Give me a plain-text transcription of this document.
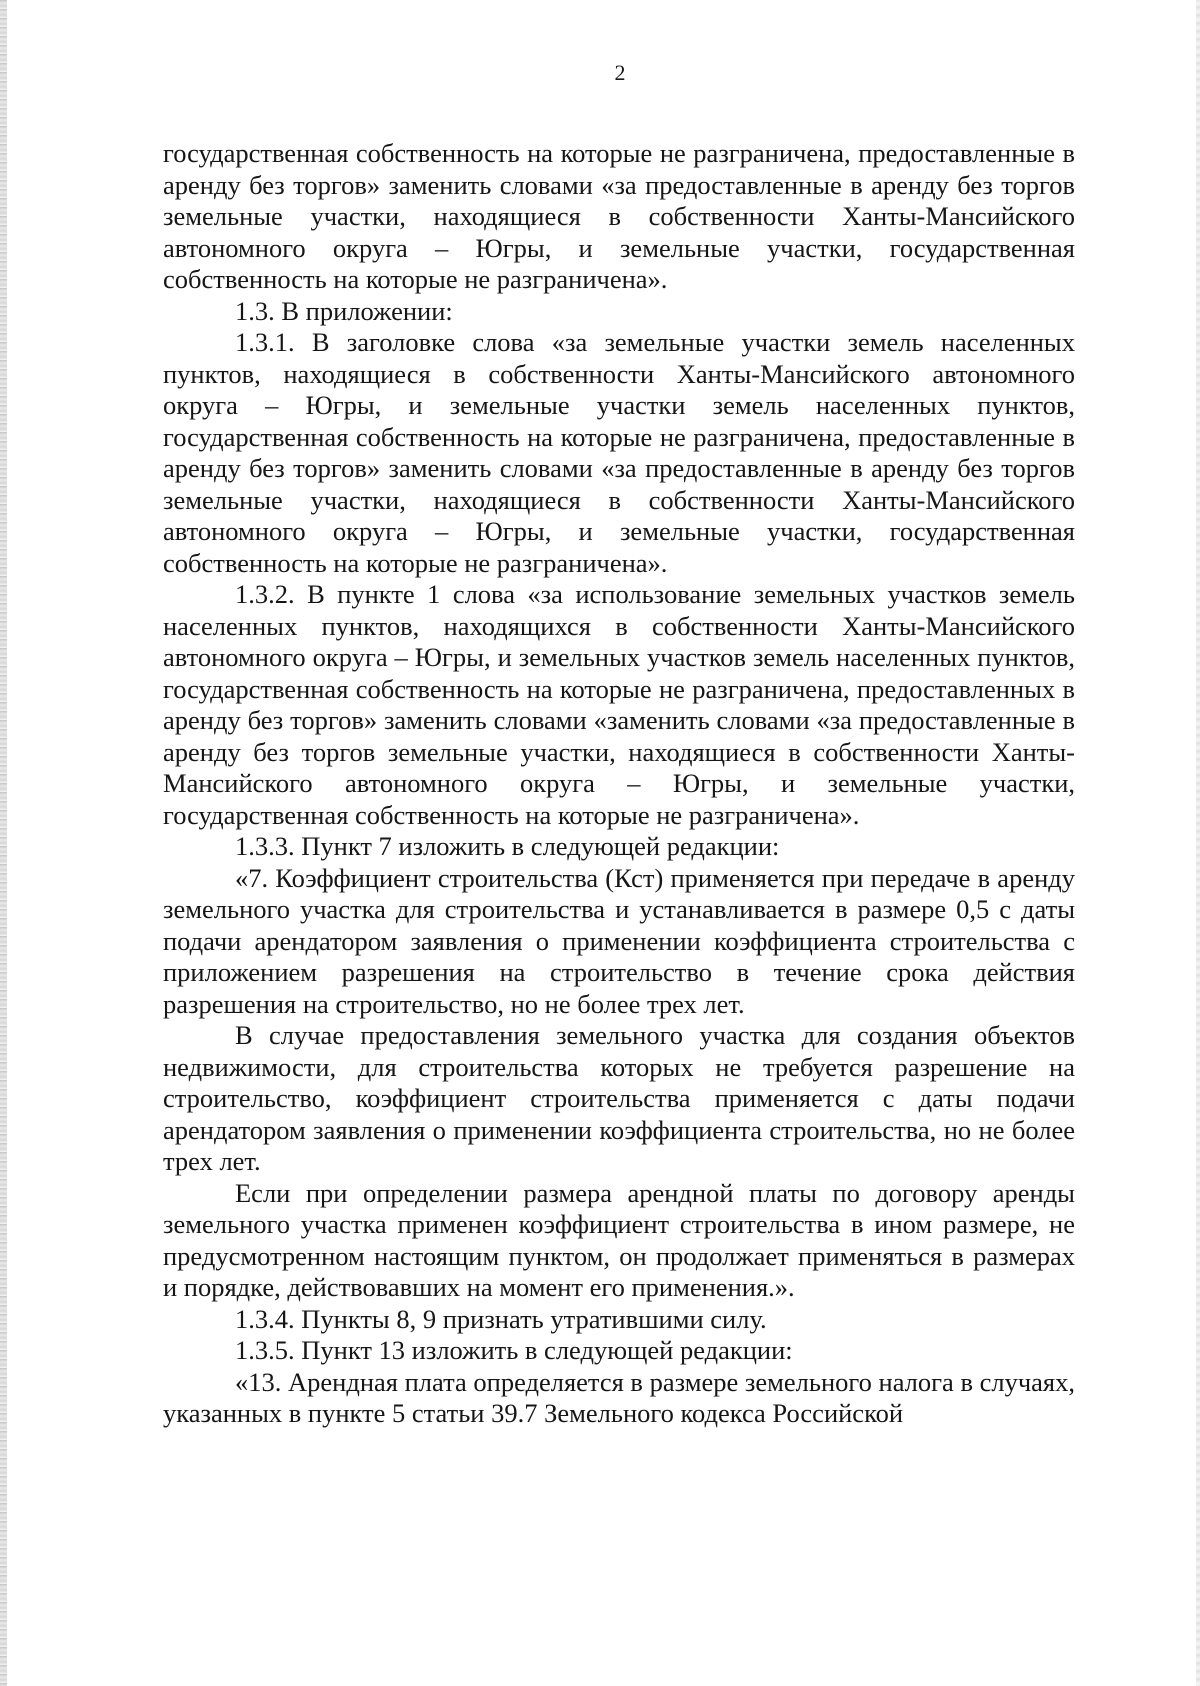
2

государственная собственность на которые не разграничена, предоставленные в аренду без торгов» заменить словами «за предоставленные в аренду без торгов земельные участки, находящиеся в собственности Ханты-Мансийского автономного округа – Югры, и земельные участки, государственная собственность на которые не разграничена».

1.3. В приложении:

1.3.1. В заголовке слова «за земельные участки земель населенных пунктов, находящиеся в собственности Ханты-Мансийского автономного округа – Югры, и земельные участки земель населенных пунктов, государственная собственность на которые не разграничена, предоставленные в аренду без торгов» заменить словами «за предоставленные в аренду без торгов земельные участки, находящиеся в собственности Ханты-Мансийского автономного округа – Югры, и земельные участки, государственная собственность на которые не разграничена».

1.3.2. В пункте 1 слова «за использование земельных участков земель населенных пунктов, находящихся в собственности Ханты-Мансийского автономного округа – Югры, и земельных участков земель населенных пунктов, государственная собственность на которые не разграничена, предоставленных в аренду без торгов» заменить словами «заменить словами «за предоставленные в аренду без торгов земельные участки, находящиеся в собственности Ханты-Мансийского автономного округа – Югры, и земельные участки, государственная собственность на которые не разграничена».

1.3.3. Пункт 7 изложить в следующей редакции:

«7. Коэффициент строительства (Кст) применяется при передаче в аренду земельного участка для строительства и устанавливается в размере 0,5 с даты подачи арендатором заявления о применении коэффициента строительства с приложением разрешения на строительство в течение срока действия разрешения на строительство, но не более трех лет.

В случае предоставления земельного участка для создания объектов недвижимости, для строительства которых не требуется разрешение на строительство, коэффициент строительства применяется с даты подачи арендатором заявления о применении коэффициента строительства, но не более трех лет.

Если при определении размера арендной платы по договору аренды земельного участка применен коэффициент строительства в ином размере, не предусмотренном настоящим пунктом, он продолжает применяться в размерах и порядке, действовавших на момент его применения.».

1.3.4. Пункты 8, 9 признать утратившими силу.

1.3.5. Пункт 13 изложить в следующей редакции:

«13. Арендная плата определяется в размере земельного налога в случаях, указанных в пункте 5 статьи 39.7 Земельного кодекса Российской
